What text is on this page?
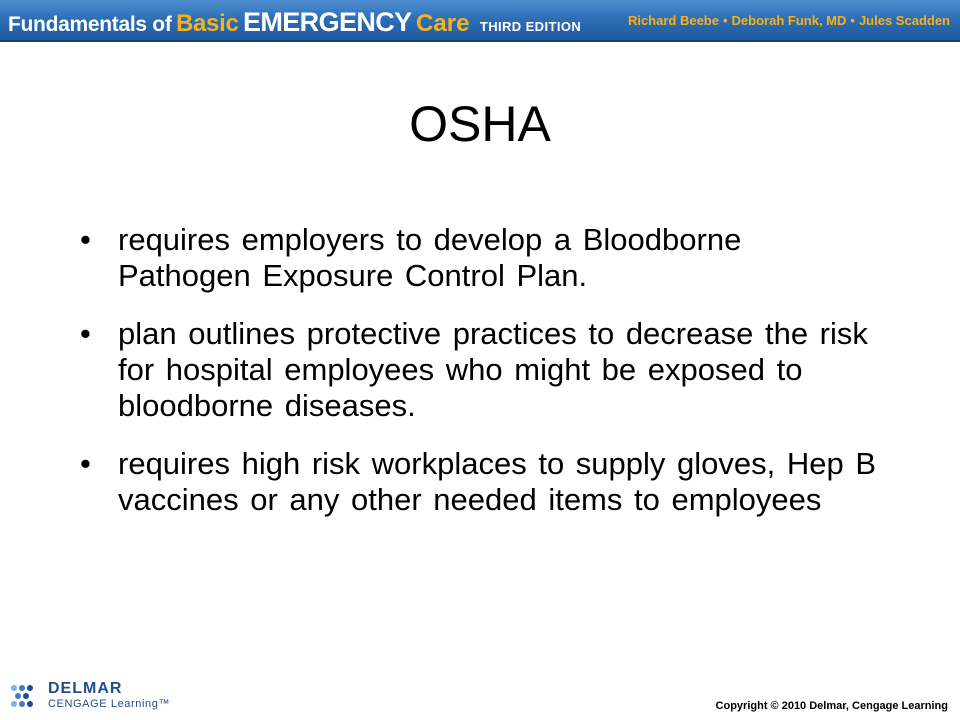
Fundamentals of Basic EMERGENCY Care THIRD EDITION	Richard Beebe • Deborah Funk, MD • Jules Scadden
OSHA
• requires employers to develop a Bloodborne Pathogen Exposure Control Plan.
• plan outlines protective practices to decrease the risk for hospital employees who might be exposed to bloodborne diseases.
• requires high risk workplaces to supply gloves, Hep B vaccines or any other needed items to employees
DELMAR
CENGAGE Learning™	Copyright © 2010 Delmar, Cengage Learning
